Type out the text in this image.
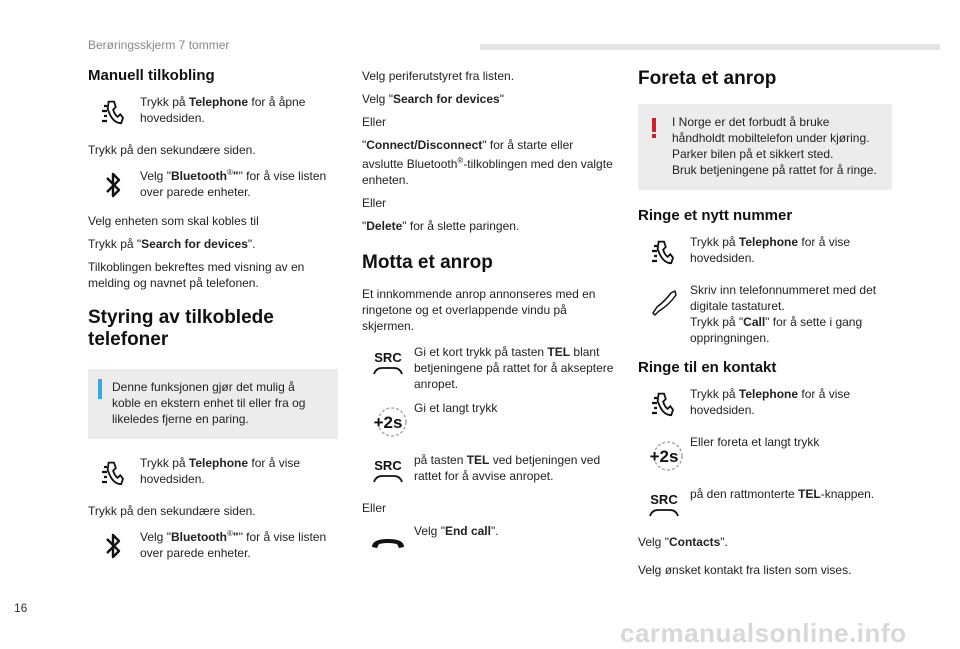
Berøringsskjerm 7 tommer
Manuell tilkobling
Trykk på Telephone for å åpne hovedsiden.

Trykk på den sekundære siden.

Velg "Bluetooth®"" for å vise listen over parede enheter.

Velg enheten som skal kobles til

Trykk på "Search for devices".

Tilkoblingen bekreftes med visning av en melding og navnet på telefonen.

Styring av tilkoblede telefoner
Denne funksjonen gjør det mulig å koble en ekstern enhet til eller fra og likeledes fjerne en paring.
Trykk på Telephone for å vise hovedsiden.

Trykk på den sekundære siden.

Velg "Bluetooth®"" for å vise listen over parede enheter.

Velg periferutstyret fra listen.

Velg "Search for devices"

Eller

"Connect/Disconnect" for å starte eller avslutte Bluetooth®-tilkoblingen med den valgte enheten.

Eller

"Delete" for å slette paringen.

Motta et anrop

Et innkommende anrop annonseres med en ringetone og et overlappende vindu på skjermen.

SRC Gi et kort trykk på tasten TEL blant betjeningene på rattet for å akseptere anropet.
+2s
Gi et langt trykk
SRC på tasten TEL ved betjeningen ved rattet for å avvise anropet.

Eller

Velg "End call".
Foreta et anrop
I Norge er det forbudt å bruke håndholdt mobiltelefon under kjøring.
Parker bilen på et sikkert sted.
Bruk betjeningene på rattet for å ringe.
Ringe et nytt nummer
Trykk på Telephone for å vise hovedsiden.
Skriv inn telefonnummeret med det digitale tastaturet.
Trykk på "Call" for å sette i gang oppringningen.
Ringe til en kontakt
Trykk på Telephone for å vise hovedsiden.
+2s
Eller foreta et langt trykk
SRC på den rattmonterte TEL-knappen.

Velg "Contacts".

Velg ønsket kontakt fra listen som vises.

16
carmanualsonline.info
